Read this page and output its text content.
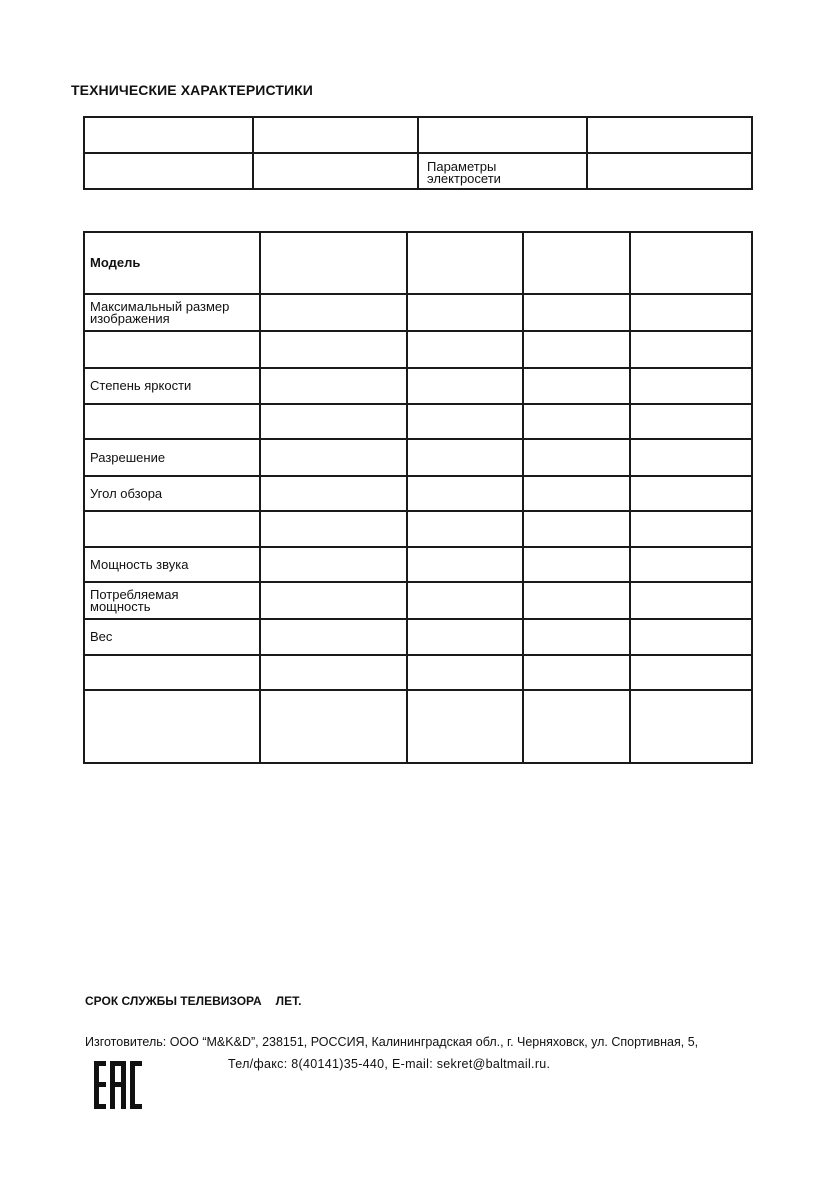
ТЕХНИЧЕСКИЕ ХАРАКТЕРИСТИКИ

		Параметры
электросети	
Модель				
Максимальный размер
изображения				

Степень яркости				

Разрешение				
Угол обзора				

Мощность звука				
Потребляемая
мощность				
Вес				

СРОК СЛУЖБЫ ТЕЛЕВИЗОРА ЛЕТ.
Изготовитель: ООО “M&K&D”, 238151, РОССИЯ, Калининградская обл., г. Черняховск, ул. Спортивная, 5,
Тел/факс: 8(40141)35-440, E-mail: sekret@baltmail.ru.
